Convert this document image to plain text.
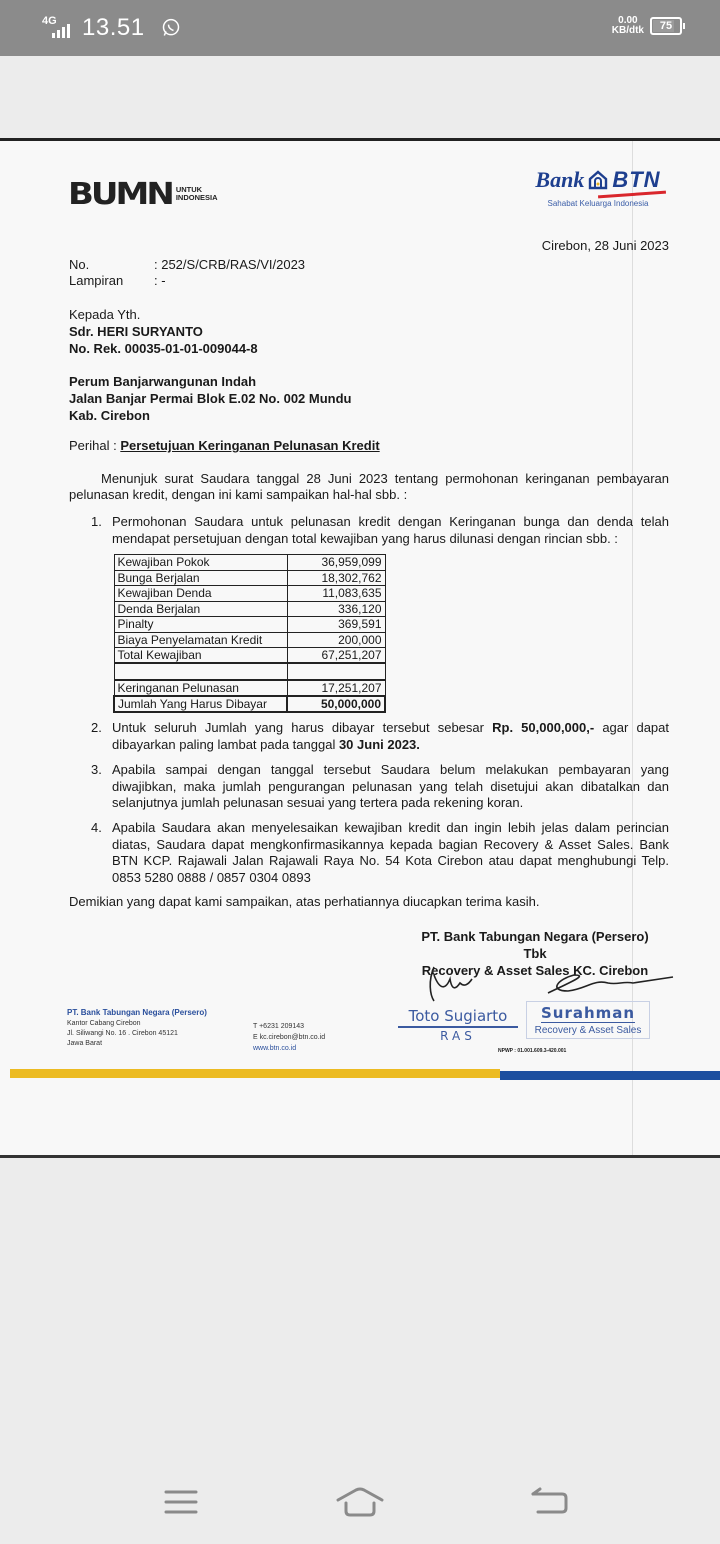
4G 13.51	0.00
KB/dtk 75
BUMN UNTUK
INDONESIA
Bank BTN
Sahabat Keluarga Indonesia
Cirebon, 28 Juni 2023
No.	: 252/S/CRB/RAS/VI/2023
Lampiran	: -
Kepada Yth.
Sdr. HERI SURYANTO
No. Rek. 00035-01-01-009044-8
Perum Banjarwangunan Indah
Jalan Banjar Permai Blok E.02 No. 002 Mundu
Kab. Cirebon
Perihal : Persetujuan Keringanan Pelunasan Kredit

Menunjuk surat Saudara tanggal 28 Juni 2023 tentang permohonan keringanan pembayaran pelunasan kredit, dengan ini kami sampaikan hal-hal sbb. :

1. Permohonan Saudara untuk pelunasan kredit dengan Keringanan bunga dan denda telah mendapat persetujuan dengan total kewajiban yang harus dilunasi dengan rincian sbb. :
Kewajiban Pokok	36,959,099
Bunga Berjalan	18,302,762
Kewajiban Denda	11,083,635
Denda Berjalan	336,120
Pinalty	369,591
Biaya Penyelamatan Kredit	200,000
Total Kewajiban	67,251,207

Keringanan Pelunasan	17,251,207
Jumlah Yang Harus Dibayar	50,000,000
2. Untuk seluruh Jumlah yang harus dibayar tersebut sebesar Rp. 50,000,000,- agar dapat dibayarkan paling lambat pada tanggal 30 Juni 2023.
3. Apabila sampai dengan tanggal tersebut Saudara belum melakukan pembayaran yang diwajibkan, maka jumlah pengurangan pelunasan yang telah disetujui akan dibatalkan dan selanjutnya jumlah pelunasan sesuai yang tertera pada rekening koran.
4. Apabila Saudara akan menyelesaikan kewajiban kredit dan ingin lebih jelas dalam perincian diatas, Saudara dapat mengkonfirmasikannya kepada bagian Recovery & Asset Sales. Bank BTN KCP. Rajawali Jalan Rajawali Raya No. 54 Kota Cirebon atau dapat menghubungi Telp. 0853 5280 0888 / 0857 0304 0893

Demikian yang dapat kami sampaikan, atas perhatiannya diucapkan terima kasih.

PT. Bank Tabungan Negara (Persero) Tbk
Recovery & Asset Sales KC. Cirebon
Toto Sugiarto
RAS
Surahman
Recovery & Asset Sales
NPWP : 01.001.609.3-420.001
PT. Bank Tabungan Negara (Persero)
Kantor Cabang Cirebon
Jl. Siliwangi No. 16 . Cirebon 45121
Jawa Barat
T +6231 209143
E kc.cirebon@btn.co.id
www.btn.co.id
